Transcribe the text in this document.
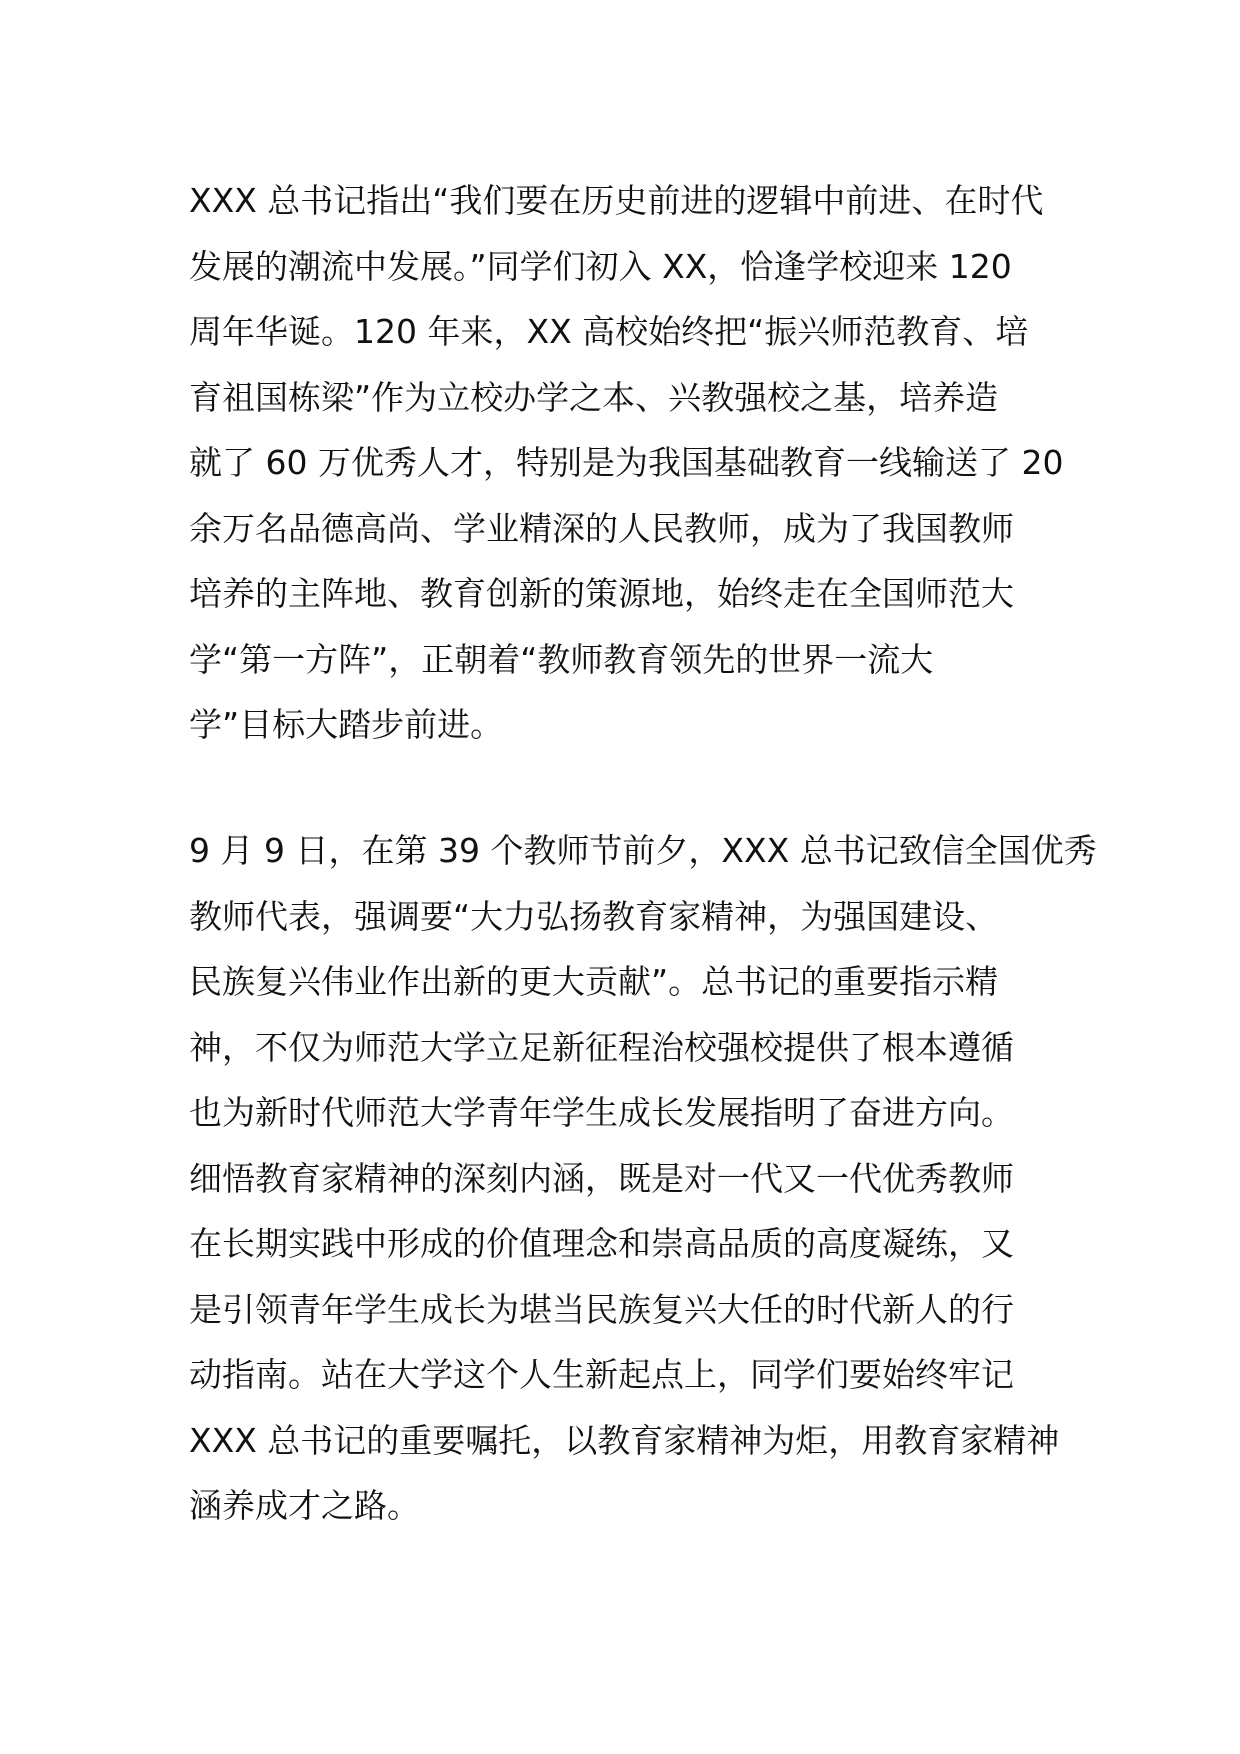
XXX 总书记指出“我们要在历史前进的逻辑中前进、在时代
发展的潮流中发展。”同学们初入 XX，恰逢学校迎来 120
周年华诞。120 年来，XX 高校始终把“振兴师范教育、培
育祖国栋梁”作为立校办学之本、兴教强校之基，培养造
就了 60 万优秀人才，特别是为我国基础教育一线输送了 20
余万名品德高尚、学业精深的人民教师，成为了我国教师
培养的主阵地、教育创新的策源地，始终走在全国师范大
学“第一方阵”，正朝着“教师教育领先的世界一流大
学”目标大踏步前进。
9 月 9 日，在第 39 个教师节前夕，XXX 总书记致信全国优秀
教师代表，强调要“大力弘扬教育家精神，为强国建设、
民族复兴伟业作出新的更大贡献”。总书记的重要指示精
神，不仅为师范大学立足新征程治校强校提供了根本遵循
也为新时代师范大学青年学生成长发展指明了奋进方向。
细悟教育家精神的深刻内涵，既是对一代又一代优秀教师
在长期实践中形成的价值理念和崇高品质的高度凝练，又
是引领青年学生成长为堪当民族复兴大任的时代新人的行
动指南。站在大学这个人生新起点上，同学们要始终牢记
XXX 总书记的重要嘱托，以教育家精神为炬，用教育家精神
涵养成才之路。
